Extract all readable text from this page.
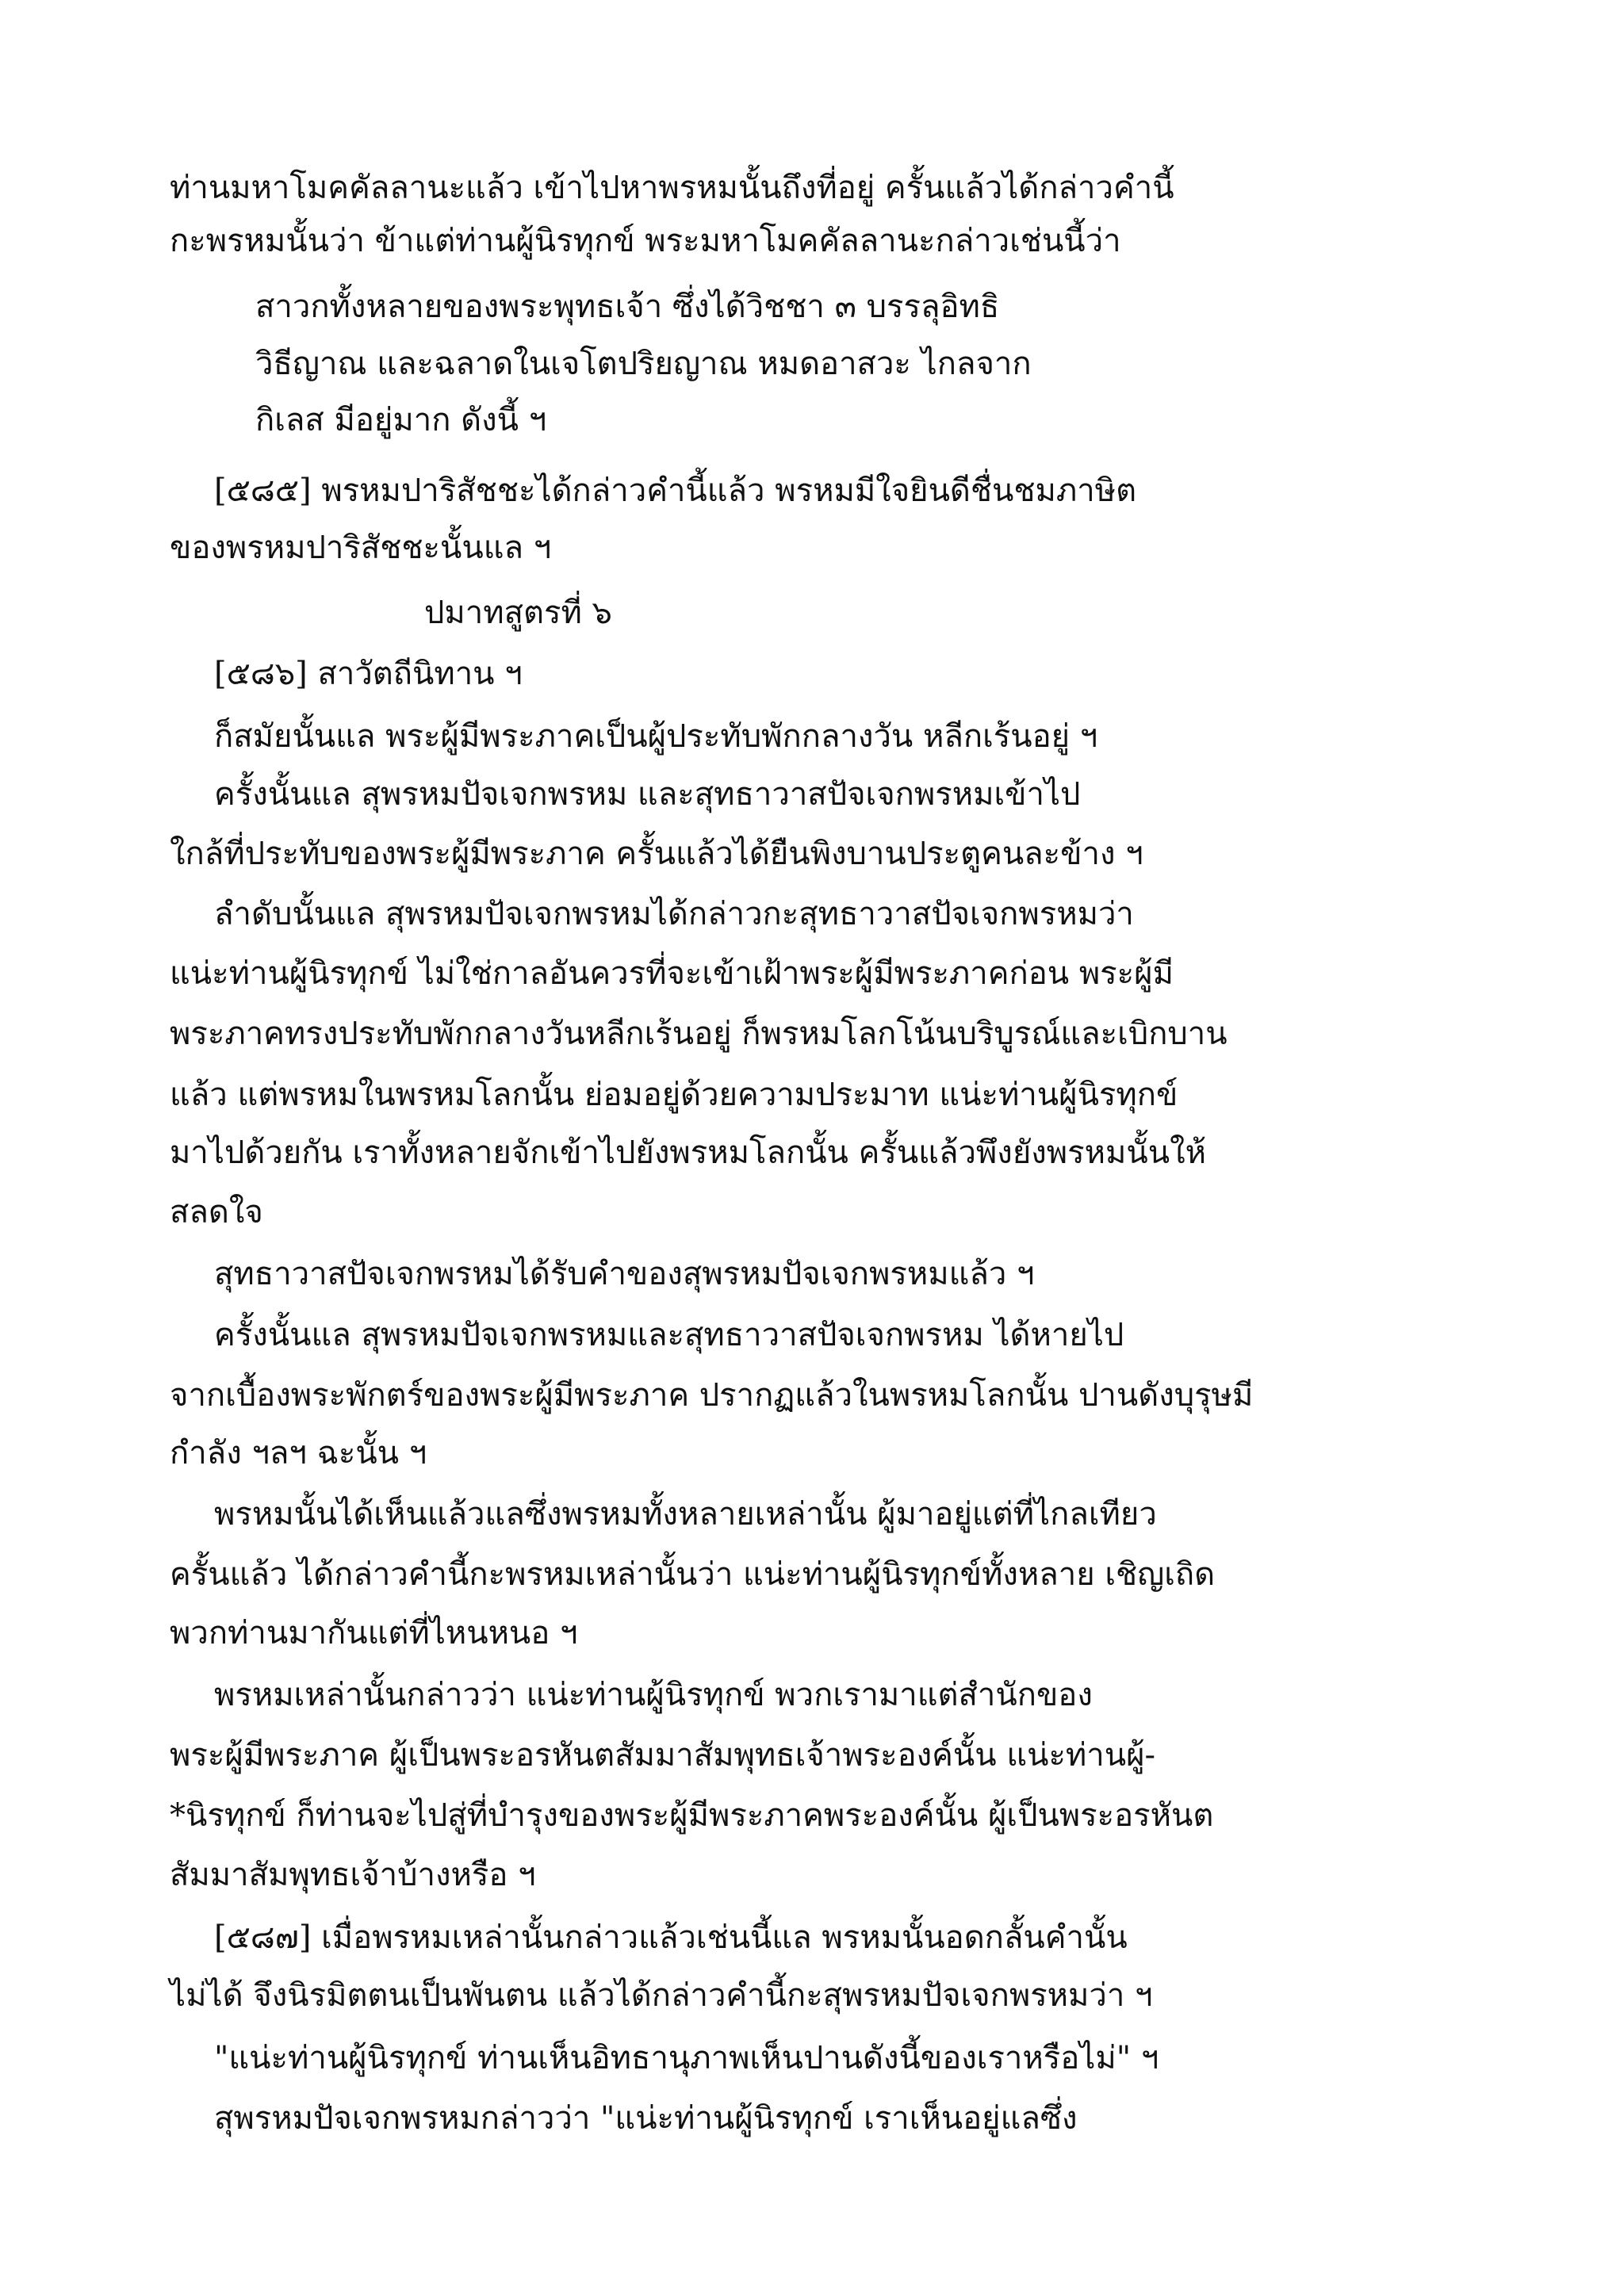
ท่านมหาโมคคัลลานะแล้ว เข้าไปหาพรหมนั้นถึงที่อยู่ ครั้นแล้วได้กล่าวคำนี้
กะพรหมนั้นว่า ข้าแต่ท่านผู้นิรทุกข์ พระมหาโมคคัลลานะกล่าวเช่นนี้ว่า
สาวกทั้งหลายของพระพุทธเจ้า ซึ่งได้วิชชา ๓ บรรลุอิทธิ
วิธีญาณ และฉลาดในเจโตปริยญาณ หมดอาสวะ ไกลจาก
กิเลส มีอยู่มาก ดังนี้ ฯ
[๕๘๕] พรหมปาริสัชชะได้กล่าวคำนี้แล้ว พรหมมีใจยินดีชื่นชมภาษิต
ของพรหมปาริสัชชะนั้นแล ฯ
ปมาทสูตรที่ ๖
[๕๘๖] สาวัตถีนิทาน ฯ
ก็สมัยนั้นแล พระผู้มีพระภาคเป็นผู้ประทับพักกลางวัน หลีกเร้นอยู่ ฯ
ครั้งนั้นแล สุพรหมปัจเจกพรหม และสุทธาวาสปัจเจกพรหมเข้าไป
ใกล้ที่ประทับของพระผู้มีพระภาค ครั้นแล้วได้ยืนพิงบานประตูคนละข้าง ฯ
ลำดับนั้นแล สุพรหมปัจเจกพรหมได้กล่าวกะสุทธาวาสปัจเจกพรหมว่า
แน่ะท่านผู้นิรทุกข์ ไม่ใช่กาลอันควรที่จะเข้าเฝ้าพระผู้มีพระภาคก่อน พระผู้มี
พระภาคทรงประทับพักกลางวันหลีกเร้นอยู่ ก็พรหมโลกโน้นบริบูรณ์และเบิกบาน
แล้ว แต่พรหมในพรหมโลกนั้น ย่อมอยู่ด้วยความประมาท แน่ะท่านผู้นิรทุกข์
มาไปด้วยกัน เราทั้งหลายจักเข้าไปยังพรหมโลกนั้น ครั้นแล้วพึงยังพรหมนั้นให้
สลดใจ
สุทธาวาสปัจเจกพรหมได้รับคำของสุพรหมปัจเจกพรหมแล้ว ฯ
ครั้งนั้นแล สุพรหมปัจเจกพรหมและสุทธาวาสปัจเจกพรหม ได้หายไป
จากเบื้องพระพักตร์ของพระผู้มีพระภาค ปรากฏแล้วในพรหมโลกนั้น ปานดังบุรุษมี
กำลัง ฯลฯ ฉะนั้น ฯ
พรหมนั้นได้เห็นแล้วแลซึ่งพรหมทั้งหลายเหล่านั้น ผู้มาอยู่แต่ที่ไกลเทียว
ครั้นแล้ว ได้กล่าวคำนี้กะพรหมเหล่านั้นว่า แน่ะท่านผู้นิรทุกข์ทั้งหลาย เชิญเถิด
พวกท่านมากันแต่ที่ไหนหนอ ฯ
พรหมเหล่านั้นกล่าวว่า แน่ะท่านผู้นิรทุกข์ พวกเรามาแต่สำนักของ
พระผู้มีพระภาค ผู้เป็นพระอรหันตสัมมาสัมพุทธเจ้าพระองค์นั้น แน่ะท่านผู้-
*นิรทุกข์ ก็ท่านจะไปสู่ที่บำรุงของพระผู้มีพระภาคพระองค์นั้น ผู้เป็นพระอรหันต
สัมมาสัมพุทธเจ้าบ้างหรือ ฯ
[๕๘๗] เมื่อพรหมเหล่านั้นกล่าวแล้วเช่นนี้แล พรหมนั้นอดกลั้นคำนั้น
ไม่ได้ จึงนิรมิตตนเป็นพันตน แล้วได้กล่าวคำนี้กะสุพรหมปัจเจกพรหมว่า ฯ
"แน่ะท่านผู้นิรทุกข์ ท่านเห็นอิทธานุภาพเห็นปานดังนี้ของเราหรือไม่" ฯ
สุพรหมปัจเจกพรหมกล่าวว่า "แน่ะท่านผู้นิรทุกข์ เราเห็นอยู่แลซึ่ง
